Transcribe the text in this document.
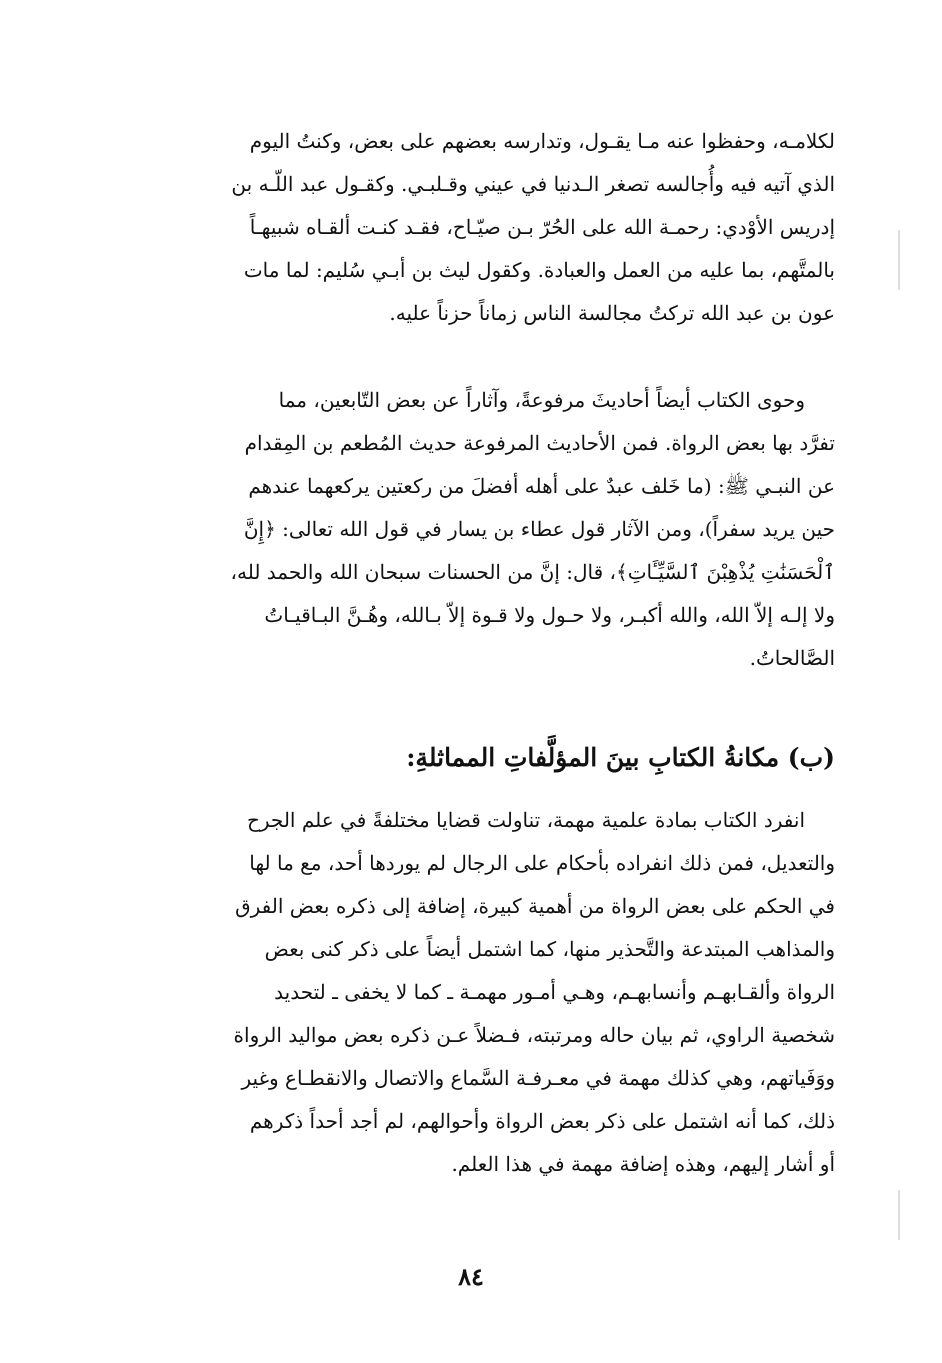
لكلامـه، وحفظوا عنه مـا يقـول، وتدارسه بعضهم على بعض، وكنتُ اليوم
الذي آتيه فيه وأُجالسه تصغر الـدنيا في عيني وقـلبـي. وكقـول عبد اللّـه بن
إدريس الأوْدي: رحمـة الله على الحُرّ بـن صيّـاح، فقـد كنـت ألقـاه شبيهـاً
بالمتَّهم، بما عليه من العمل والعبادة. وكقول ليث بن أبـي سُليم: لما مات
عون بن عبد الله تركتُ مجالسة الناس زماناً حزناً عليه.
وحوى الكتاب أيضاً أحاديثَ مرفوعةً، وآثاراً عن بعض التّابعين، مما
تفرَّد بها بعض الرواة. فمن الأحاديث المرفوعة حديث المُطعم بن المِقدام
عن النبـي ﷺ: (ما خَلف عبدٌ على أهله أفضلَ من ركعتين يركعهما عندهم
حين يريد سفراً)، ومن الآثار قول عطاء بن يسار في قول الله تعالى: ﴿إِنَّ
ٱلْحَسَنَٰتِ يُذْهِبْنَ ٱلسَّيِّـَٔاتِ﴾، قال: إنَّ من الحسنات سبحان الله والحمد لله،
ولا إلـه إلاّ الله، والله أكبـر، ولا حـول ولا قـوة إلاّ بـالله، وهُـنَّ البـاقيـاتُ
الصَّالحاتُ.
(ب) مكانةُ الكتابِ بينَ المؤلَّفاتِ المماثلةِ:
انفرد الكتاب بمادة علمية مهمة، تناولت قضايا مختلفةً في علم الجرح
والتعديل، فمن ذلك انفراده بأحكام على الرجال لم يوردها أحد، مع ما لها
في الحكم على بعض الرواة من أهمية كبيرة، إضافة إلى ذكره بعض الفرق
والمذاهب المبتدعة والتَّحذير منها، كما اشتمل أيضاً على ذكر كنى بعض
الرواة وألقـابهـم وأنسابهـم، وهـي أمـور مهمـة ـ كما لا يخفى ـ لتحديد
شخصية الراوي، ثم بيان حاله ومرتبته، فـضلاً عـن ذكره بعض مواليد الرواة
ووَفَياتهم، وهي كذلك مهمة في معـرفـة السَّماع والاتصال والانقطـاع وغير
ذلك، كما أنه اشتمل على ذكر بعض الرواة وأحوالهم، لم أجد أحداً ذكرهم
أو أشار إليهم، وهذه إضافة مهمة في هذا العلم.
٨٤
